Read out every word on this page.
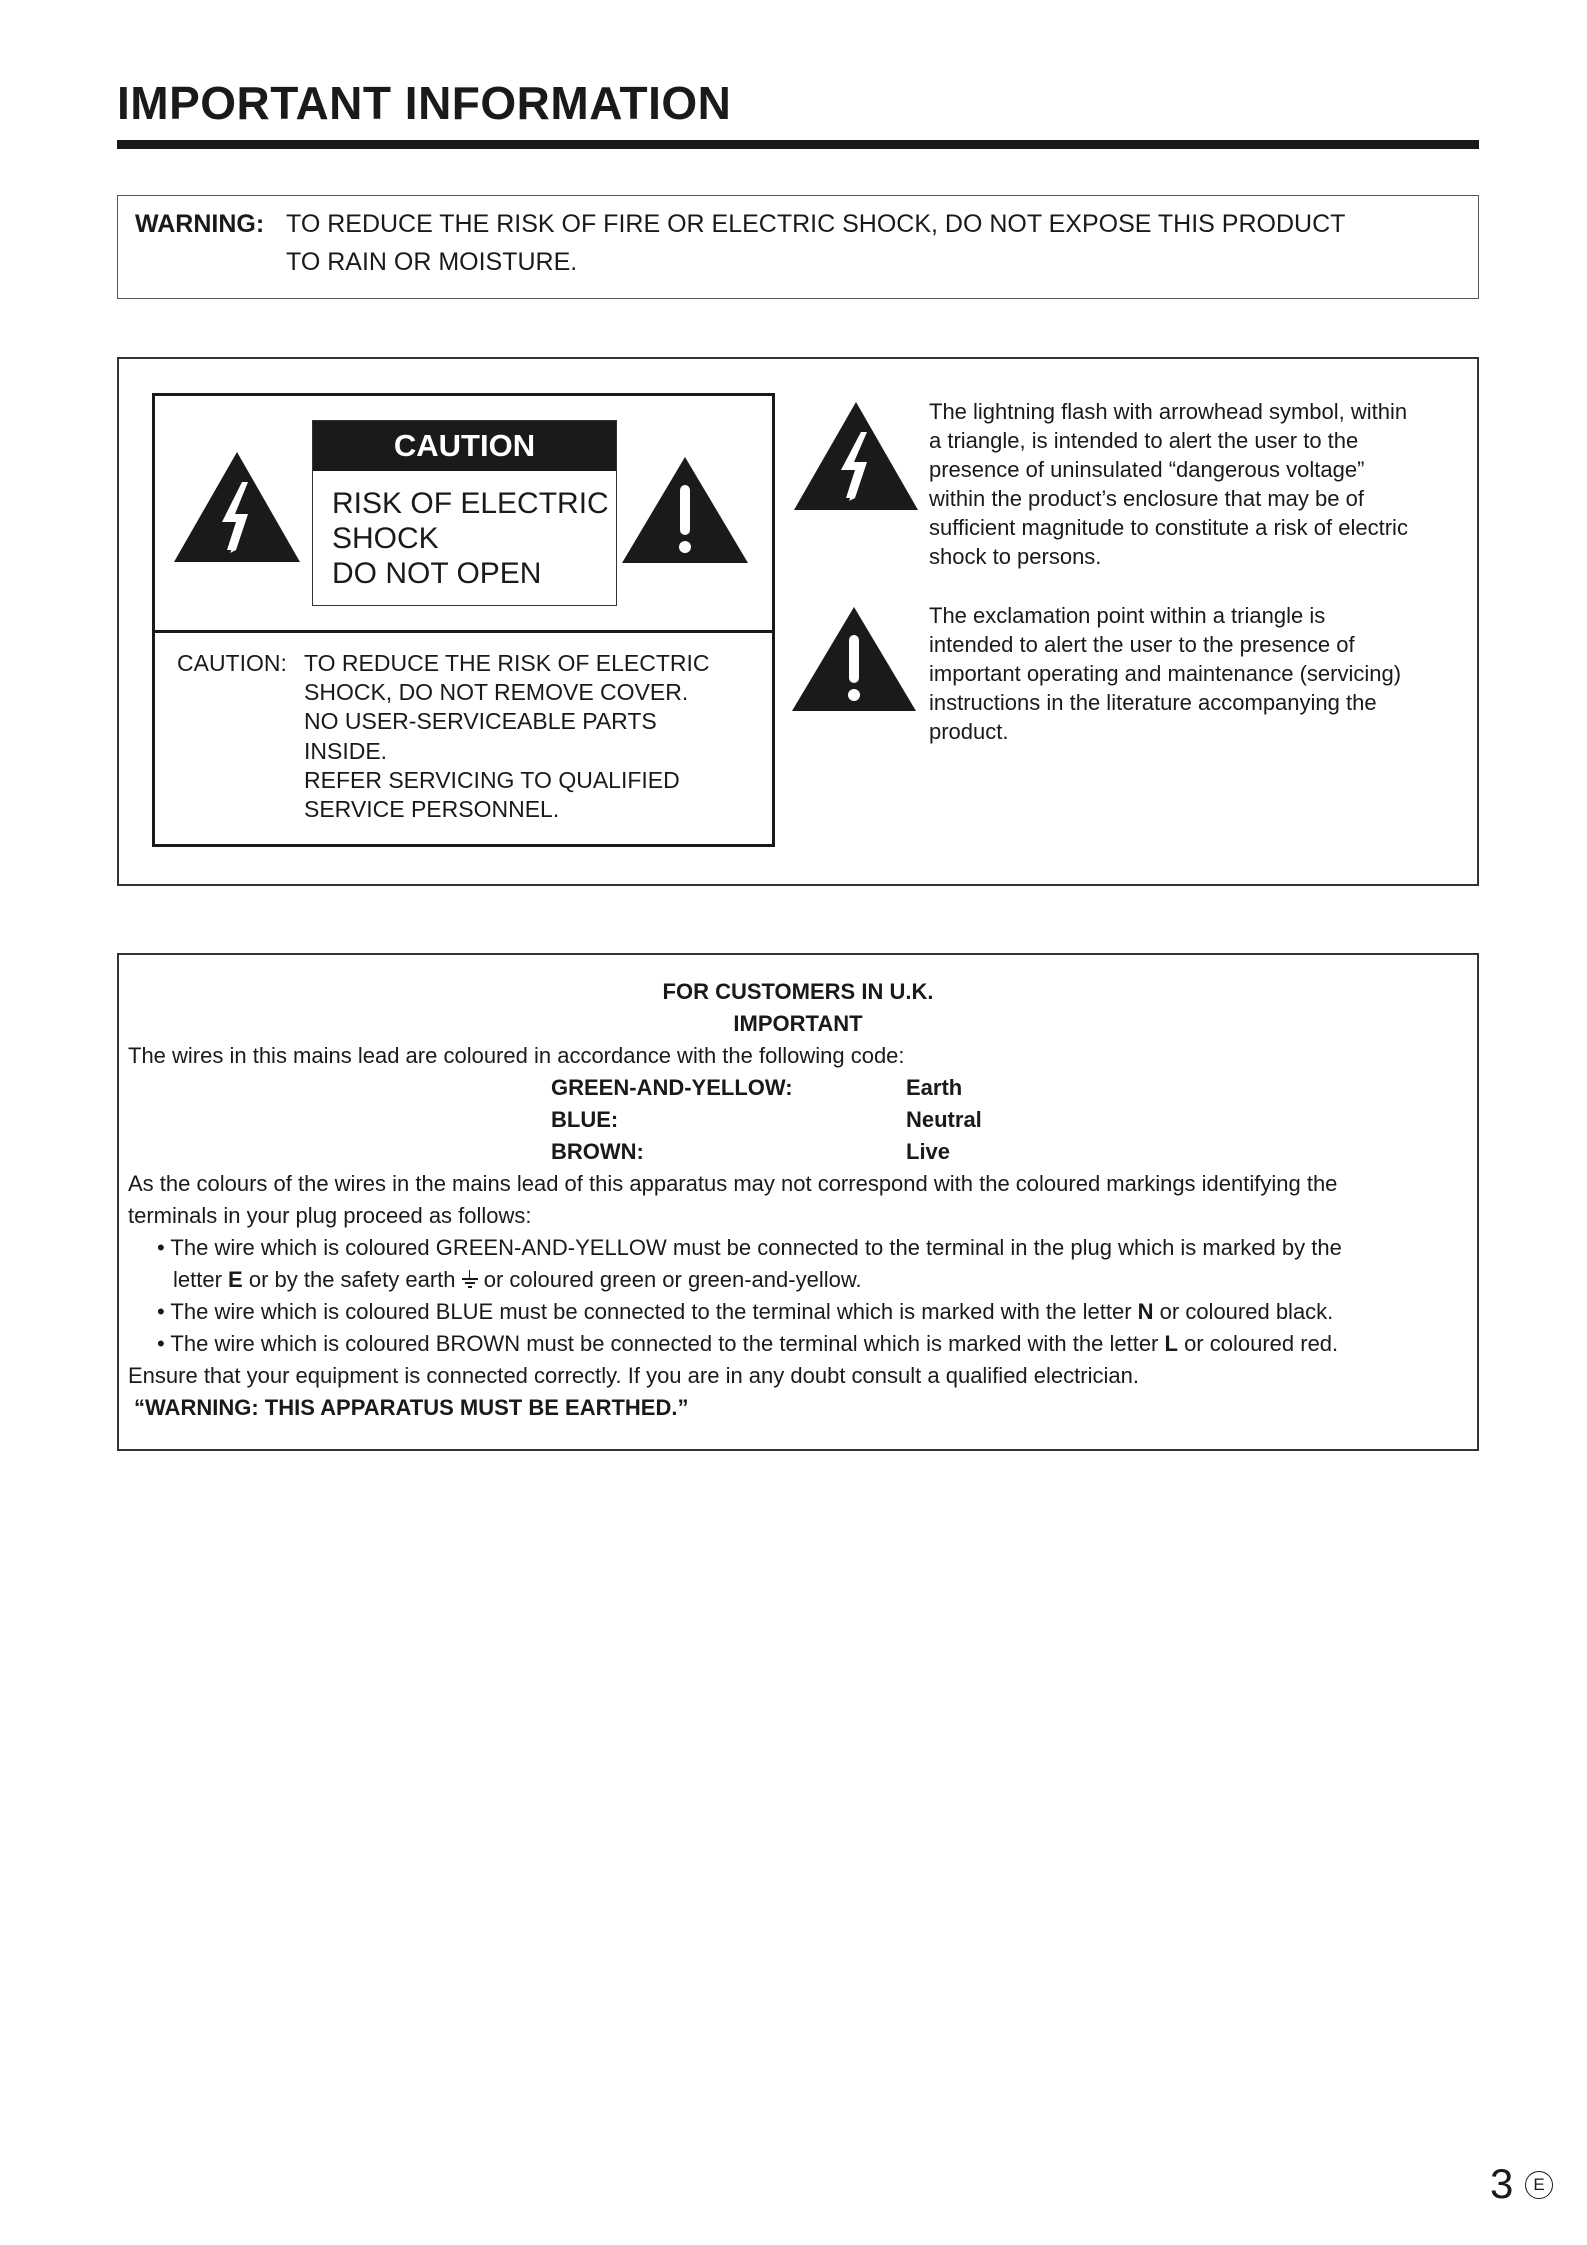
IMPORTANT INFORMATION
WARNING: TO REDUCE THE RISK OF FIRE OR ELECTRIC SHOCK, DO NOT EXPOSE THIS PRODUCT
TO RAIN OR MOISTURE.
CAUTION
RISK OF ELECTRIC
SHOCK
DO NOT OPEN
CAUTION: TO REDUCE THE RISK OF ELECTRIC
SHOCK, DO NOT REMOVE COVER.
NO USER-SERVICEABLE PARTS
INSIDE.
REFER SERVICING TO QUALIFIED
SERVICE PERSONNEL.
The lightning flash with arrowhead symbol, within
a triangle, is intended to alert the user to the
presence of uninsulated “dangerous voltage”
within the product’s enclosure that may be of
sufficient magnitude to constitute a risk of electric
shock to persons.
The exclamation point within a triangle is
intended to alert the user to the presence of
important operating and maintenance (servicing)
instructions in the literature accompanying the
product.
FOR CUSTOMERS IN U.K.
IMPORTANT
The wires in this mains lead are coloured in accordance with the following code:
GREEN-AND-YELLOW:	Earth
BLUE:	Neutral
BROWN:	Live
As the colours of the wires in the mains lead of this apparatus may not correspond with the coloured markings identifying the
terminals in your plug proceed as follows:
• The wire which is coloured GREEN-AND-YELLOW must be connected to the terminal in the plug which is marked by the
letter E or by the safety earth
or coloured green or green-and-yellow.
• The wire which is coloured BLUE must be connected to the terminal which is marked with the letter N or coloured black.
• The wire which is coloured BROWN must be connected to the terminal which is marked with the letter L or coloured red.
Ensure that your equipment is connected correctly. If you are in any doubt consult a qualified electrician.
“WARNING: THIS APPARATUS MUST BE EARTHED.”
3	E
